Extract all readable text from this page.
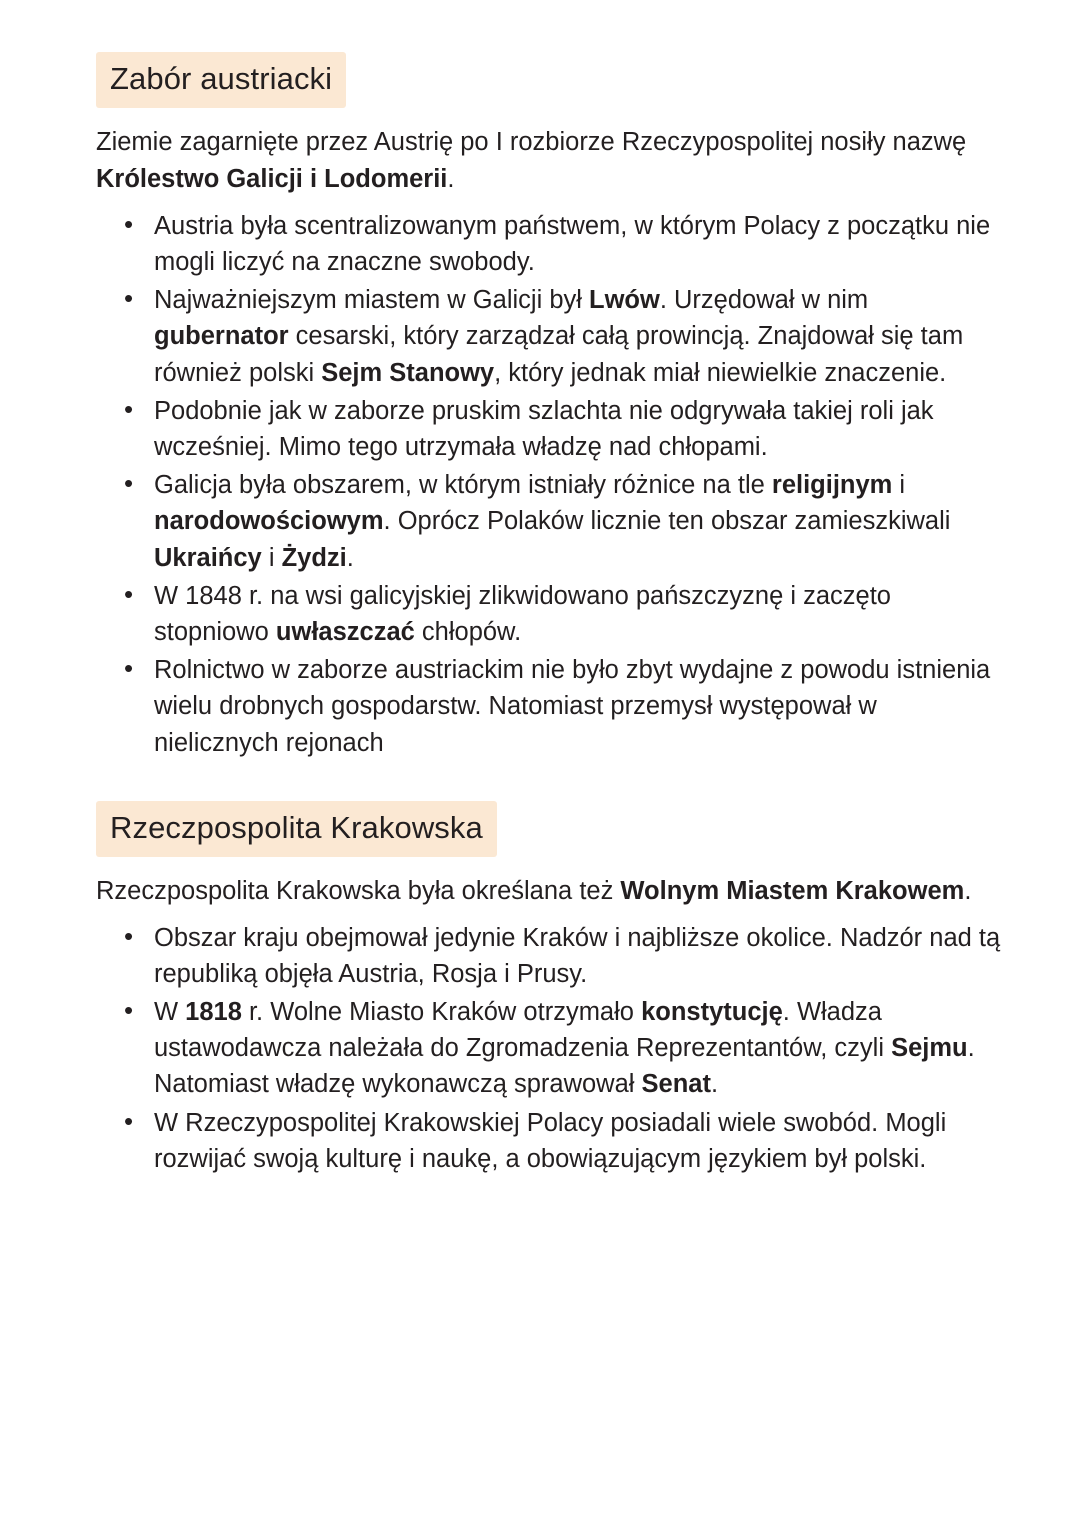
Zabór austriacki

Ziemie zagarnięte przez Austrię po I rozbiorze Rzeczypospolitej nosiły nazwę Królestwo Galicji i Lodomerii.

• Austria była scentralizowanym państwem, w którym Polacy z początku nie mogli liczyć na znaczne swobody.
• Najważniejszym miastem w Galicji był Lwów. Urzędował w nim gubernator cesarski, który zarządzał całą prowincją. Znajdował się tam również polski Sejm Stanowy, który jednak miał niewielkie znaczenie.
• Podobnie jak w zaborze pruskim szlachta nie odgrywała takiej roli jak wcześniej. Mimo tego utrzymała władzę nad chłopami.
• Galicja była obszarem, w którym istniały różnice na tle religijnym i narodowościowym. Oprócz Polaków licznie ten obszar zamieszkiwali Ukraińcy i Żydzi.
• W 1848 r. na wsi galicyjskiej zlikwidowano pańszczyznę i zaczęto stopniowo uwłaszczać chłopów.
• Rolnictwo w zaborze austriackim nie było zbyt wydajne z powodu istnienia wielu drobnych gospodarstw. Natomiast przemysł występował w nielicznych rejonach
Rzeczpospolita Krakowska

Rzeczpospolita Krakowska była określana też Wolnym Miastem Krakowem.

• Obszar kraju obejmował jedynie Kraków i najbliższe okolice. Nadzór nad tą republiką objęła Austria, Rosja i Prusy.
• W 1818 r. Wolne Miasto Kraków otrzymało konstytucję. Władza ustawodawcza należała do Zgromadzenia Reprezentantów, czyli Sejmu. Natomiast władzę wykonawczą sprawował Senat.
• W Rzeczypospolitej Krakowskiej Polacy posiadali wiele swobód. Mogli rozwijać swoją kulturę i naukę, a obowiązującym językiem był polski.
